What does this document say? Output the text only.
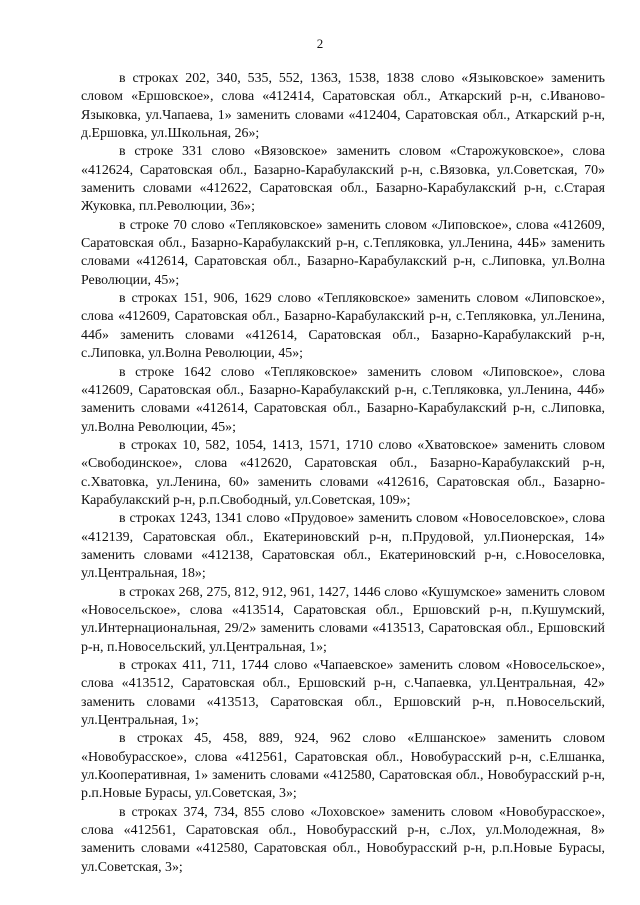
2

в строках 202, 340, 535, 552, 1363, 1538, 1838 слово «Языковское» заменить словом «Ершовское», слова «412414, Саратовская обл., Аткарский р-н, с.Иваново-Языковка, ул.Чапаева, 1» заменить словами «412404, Саратовская обл., Аткарский р-н, д.Ершовка, ул.Школьная, 26»;

в строке 331 слово «Вязовское» заменить словом «Старожуковское», слова «412624, Саратовская обл., Базарно-Карабулакский р-н, с.Вязовка, ул.Советская, 70» заменить словами «412622, Саратовская обл., Базарно-Карабулакский р-н, с.Старая Жуковка, пл.Революции, 36»;

в строке 70 слово «Тепляковское» заменить словом «Липовское», слова «412609, Саратовская обл., Базарно-Карабулакский р-н, с.Тепляковка, ул.Ленина, 44Б» заменить словами «412614, Саратовская обл., Базарно-Карабулакский р-н, с.Липовка, ул.Волна Революции, 45»;

в строках 151, 906, 1629 слово «Тепляковское» заменить словом «Липовское», слова «412609, Саратовская обл., Базарно-Карабулакский р-н, с.Тепляковка, ул.Ленина, 44б» заменить словами «412614, Саратовская обл., Базарно-Карабулакский р-н, с.Липовка, ул.Волна Революции, 45»;

в строке 1642 слово «Тепляковское» заменить словом «Липовское», слова «412609, Саратовская обл., Базарно-Карабулакский р-н, с.Тепляковка, ул.Ленина, 44б» заменить словами «412614, Саратовская обл., Базарно-Карабулакский р-н, с.Липовка, ул.Волна Революции, 45»;

в строках 10, 582, 1054, 1413, 1571, 1710 слово «Хватовское» заменить словом «Свободинское», слова «412620, Саратовская обл., Базарно-Карабулакский р-н, с.Хватовка, ул.Ленина, 60» заменить словами «412616, Саратовская обл., Базарно-Карабулакский р-н, р.п.Свободный, ул.Советская, 109»;

в строках 1243, 1341 слово «Прудовое» заменить словом «Новоселовское», слова «412139, Саратовская обл., Екатериновский р-н, п.Прудовой, ул.Пионерская, 14» заменить словами «412138, Саратовская обл., Екатериновский р-н, с.Новоселовка, ул.Центральная, 18»;

в строках 268, 275, 812, 912, 961, 1427, 1446 слово «Кушумское» заменить словом «Новосельское», слова «413514, Саратовская обл., Ершовский р-н, п.Кушумский, ул.Интернациональная, 29/2» заменить словами «413513, Саратовская обл., Ершовский р-н, п.Новосельский, ул.Центральная, 1»;

в строках 411, 711, 1744 слово «Чапаевское» заменить словом «Новосельское», слова «413512, Саратовская обл., Ершовский р-н, с.Чапаевка, ул.Центральная, 42» заменить словами «413513, Саратовская обл., Ершовский р-н, п.Новосельский, ул.Центральная, 1»;

в строках 45, 458, 889, 924, 962 слово «Елшанское» заменить словом «Новобурасское», слова «412561, Саратовская обл., Новобурасский р-н, с.Елшанка, ул.Кооперативная, 1» заменить словами «412580, Саратовская обл., Новобурасский р-н, р.п.Новые Бурасы, ул.Советская, 3»;

в строках 374, 734, 855 слово «Лоховское» заменить словом «Новобурасское», слова «412561, Саратовская обл., Новобурасский р-н, с.Лох, ул.Молодежная, 8» заменить словами «412580, Саратовская обл., Новобурасский р-н, р.п.Новые Бурасы, ул.Советская, 3»;
